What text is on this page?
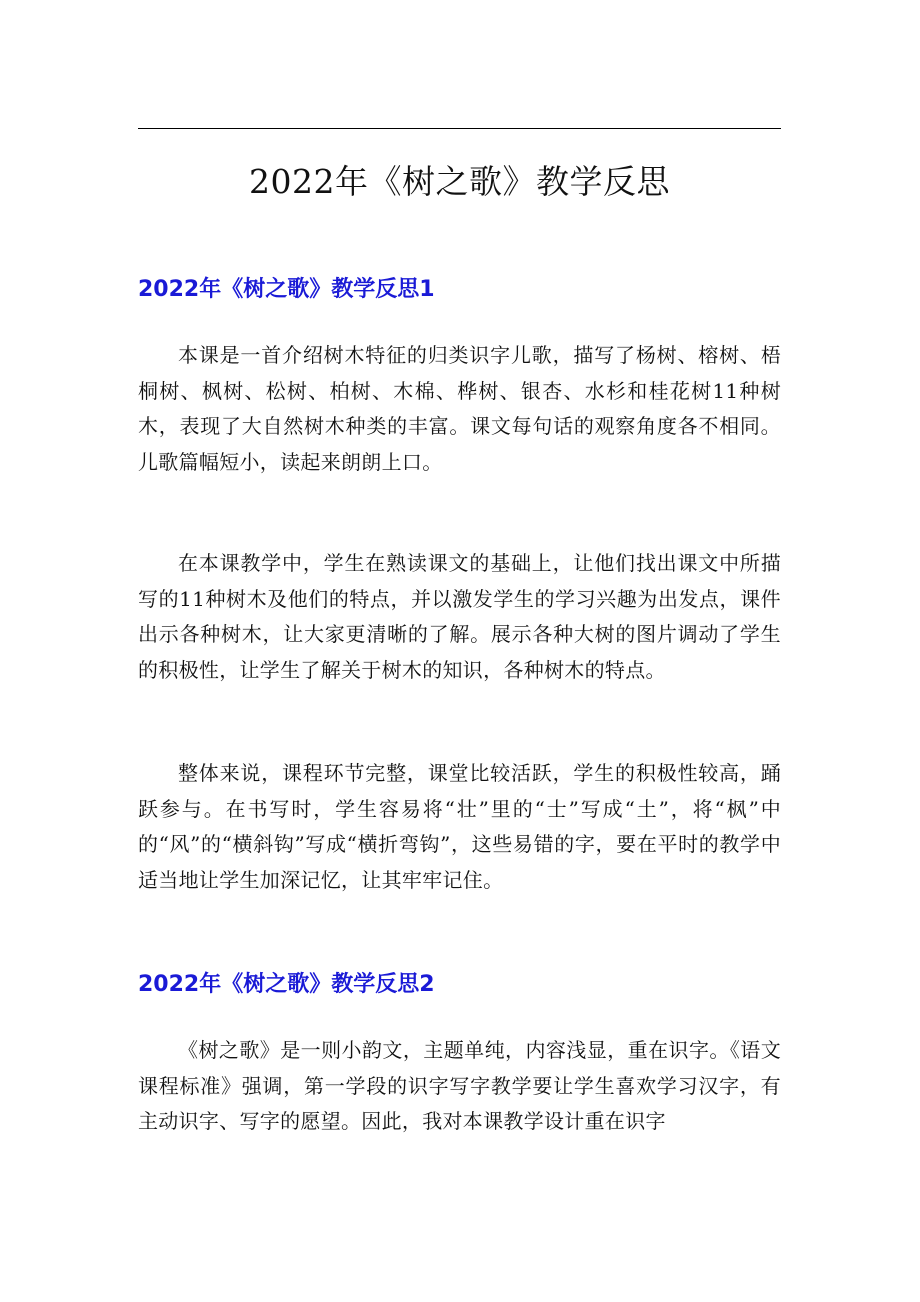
2022年《树之歌》教学反思
2022年《树之歌》教学反思1

本课是一首介绍树木特征的归类识字儿歌，描写了杨树、榕树、梧桐树、枫树、松树、柏树、木棉、桦树、银杏、水杉和桂花树11种树木，表现了大自然树木种类的丰富。课文每句话的观察角度各不相同。儿歌篇幅短小，读起来朗朗上口。

在本课教学中，学生在熟读课文的基础上，让他们找出课文中所描写的11种树木及他们的特点，并以激发学生的学习兴趣为出发点，课件出示各种树木，让大家更清晰的了解。展示各种大树的图片调动了学生的积极性，让学生了解关于树木的知识，各种树木的特点。

整体来说，课程环节完整，课堂比较活跃，学生的积极性较高，踊跃参与。在书写时，学生容易将“壮”里的“士”写成“土”，将“枫”中的“风”的“横斜钩”写成“横折弯钩”，这些易错的字，要在平时的教学中适当地让学生加深记忆，让其牢牢记住。

2022年《树之歌》教学反思2

《树之歌》是一则小韵文，主题单纯，内容浅显，重在识字。《语文课程标准》强调，第一学段的识字写字教学要让学生喜欢学习汉字，有主动识字、写字的愿望。因此，我对本课教学设计重在识字
